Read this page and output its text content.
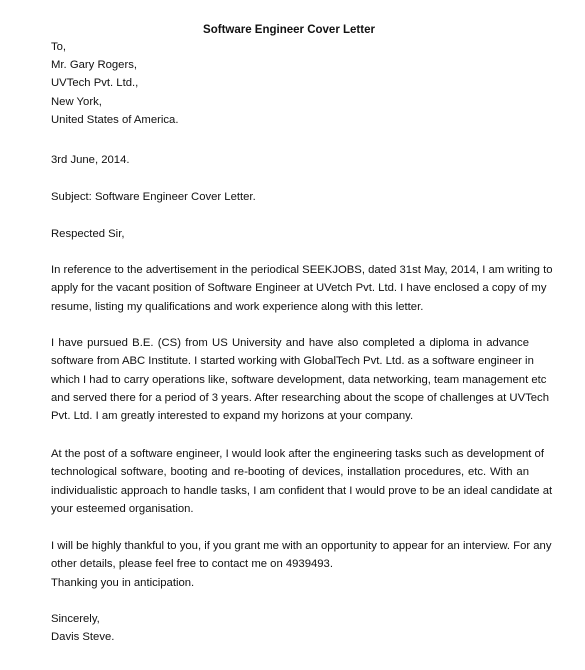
Software Engineer Cover Letter
To,
Mr. Gary Rogers,
UVTech Pvt. Ltd.,
New York,
United States of America.
3rd June, 2014.
Subject: Software Engineer Cover Letter.
Respected Sir,
In reference to the advertisement in the periodical SEEKJOBS, dated 31st May, 2014, I am writing to
apply for the vacant position of Software Engineer at UVetch Pvt. Ltd. I have enclosed a copy of my
resume, listing my qualifications and work experience along with this letter.
I have pursued B.E. (CS) from US University and have also completed a diploma in advance
software from ABC Institute. I started working with GlobalTech Pvt. Ltd. as a software engineer in
which I had to carry operations like, software development, data networking, team management etc
and served there for a period of 3 years. After researching about the scope of challenges at UVTech
Pvt. Ltd. I am greatly interested to expand my horizons at your company.
At the post of a software engineer, I would look after the engineering tasks such as development of
technological software, booting and re-booting of devices, installation procedures, etc. With an
individualistic approach to handle tasks, I am confident that I would prove to be an ideal candidate at
your esteemed organisation.
I will be highly thankful to you, if you grant me with an opportunity to appear for an interview. For any
other details, please feel free to contact me on 4939493.
Thanking you in anticipation.
Sincerely,
Davis Steve.
